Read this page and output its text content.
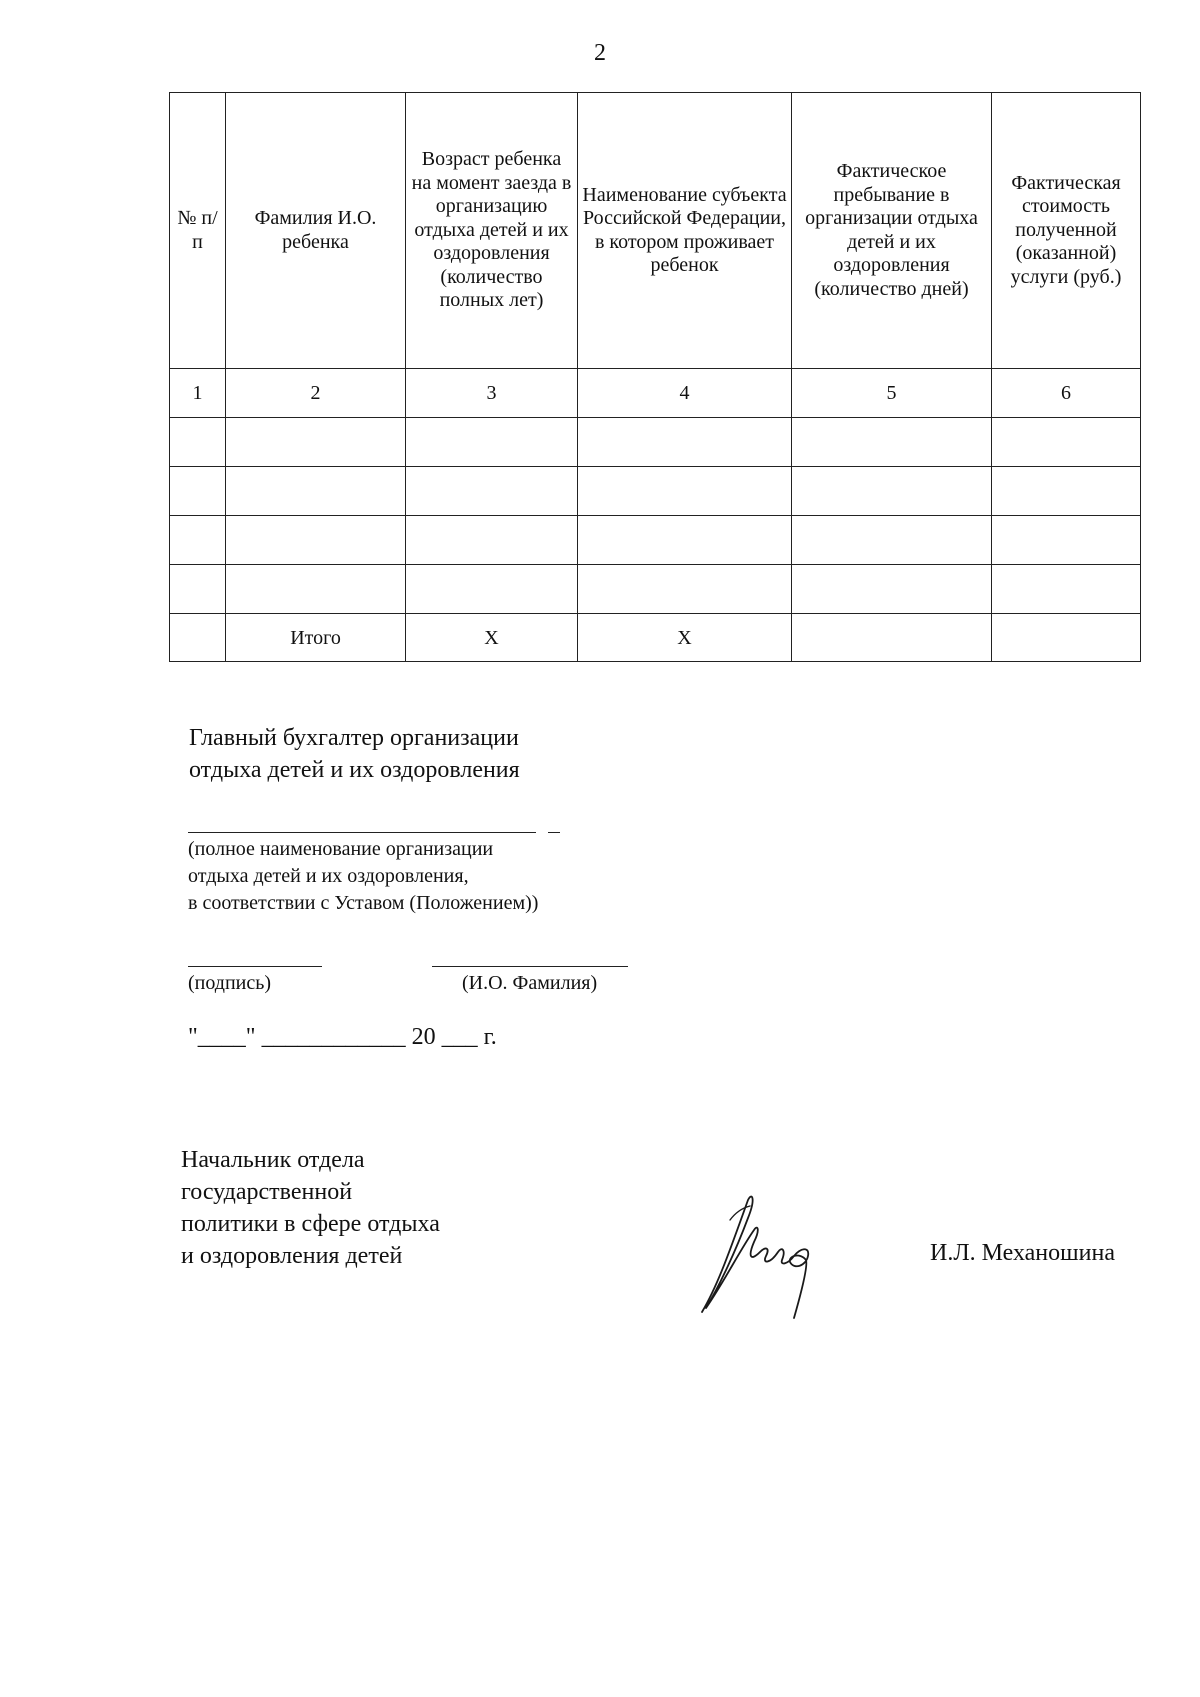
2
№ п/п	Фамилия И.О. ребенка	Возраст ребенка на момент заезда в организацию отдыха детей и их оздоровления (количество полных лет)	Наименование субъекта Российской Федерации, в котором проживает ребенок	Фактическое пребывание в организации отдыха детей и их оздоровления (количество дней)	Фактическая стоимость полученной (оказанной) услуги (руб.)
1	2	3	4	5	6

	Итого	Х	Х		
Главный бухгалтер организации
отдыха детей и их оздоровления
(полное наименование организации
отдыха детей и их оздоровления,
в соответствии с Уставом (Положением))
(подпись)	(И.О. Фамилия)
"____" ____________ 20 ___ г.
Начальник отдела
государственной
политики в сфере отдыха
и оздоровления детей	И.Л. Механошина
